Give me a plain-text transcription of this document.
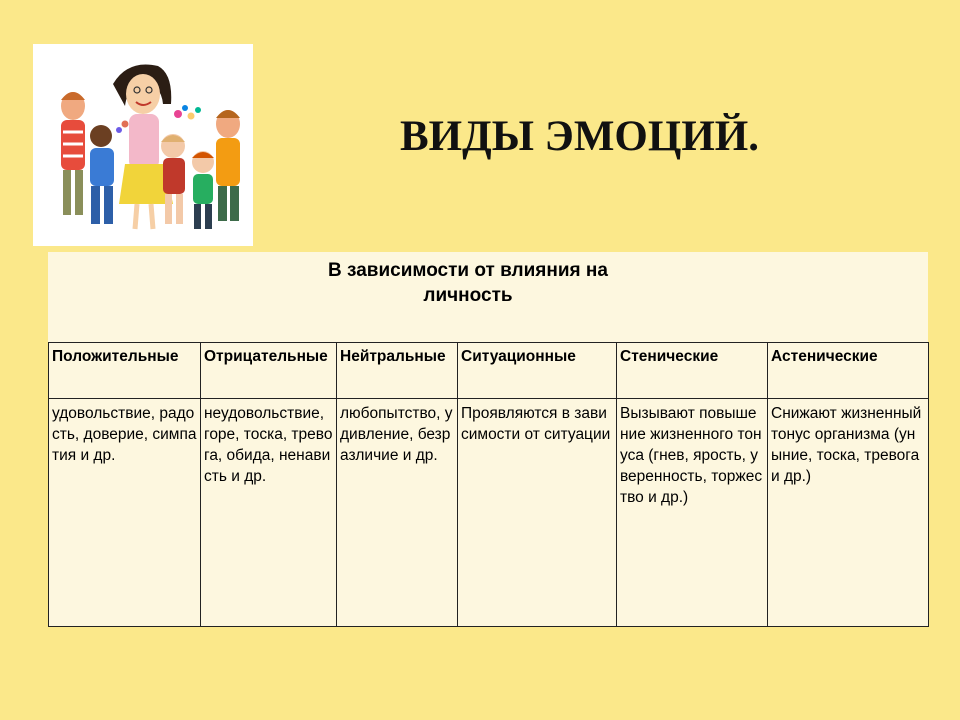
ВИДЫ ЭМОЦИЙ.
В зависимости от влияния на личность
Положительные	Отрицательные	Нейтральные	Ситуационные	Стенические	Астенические
удовольствие, радость, доверие, симпатия и др.	неудовольствие, горе, тоска, тревога, обида, ненависть и др.	любопытство, удивление, безразличие и др.	Проявляются в зависимости от ситуации	Вызывают повышение жизненного тонуса (гнев, ярость, уверенность, торжество и др.)	Снижают жизненный тонус организма (уныние, тоска, тревога и др.)
